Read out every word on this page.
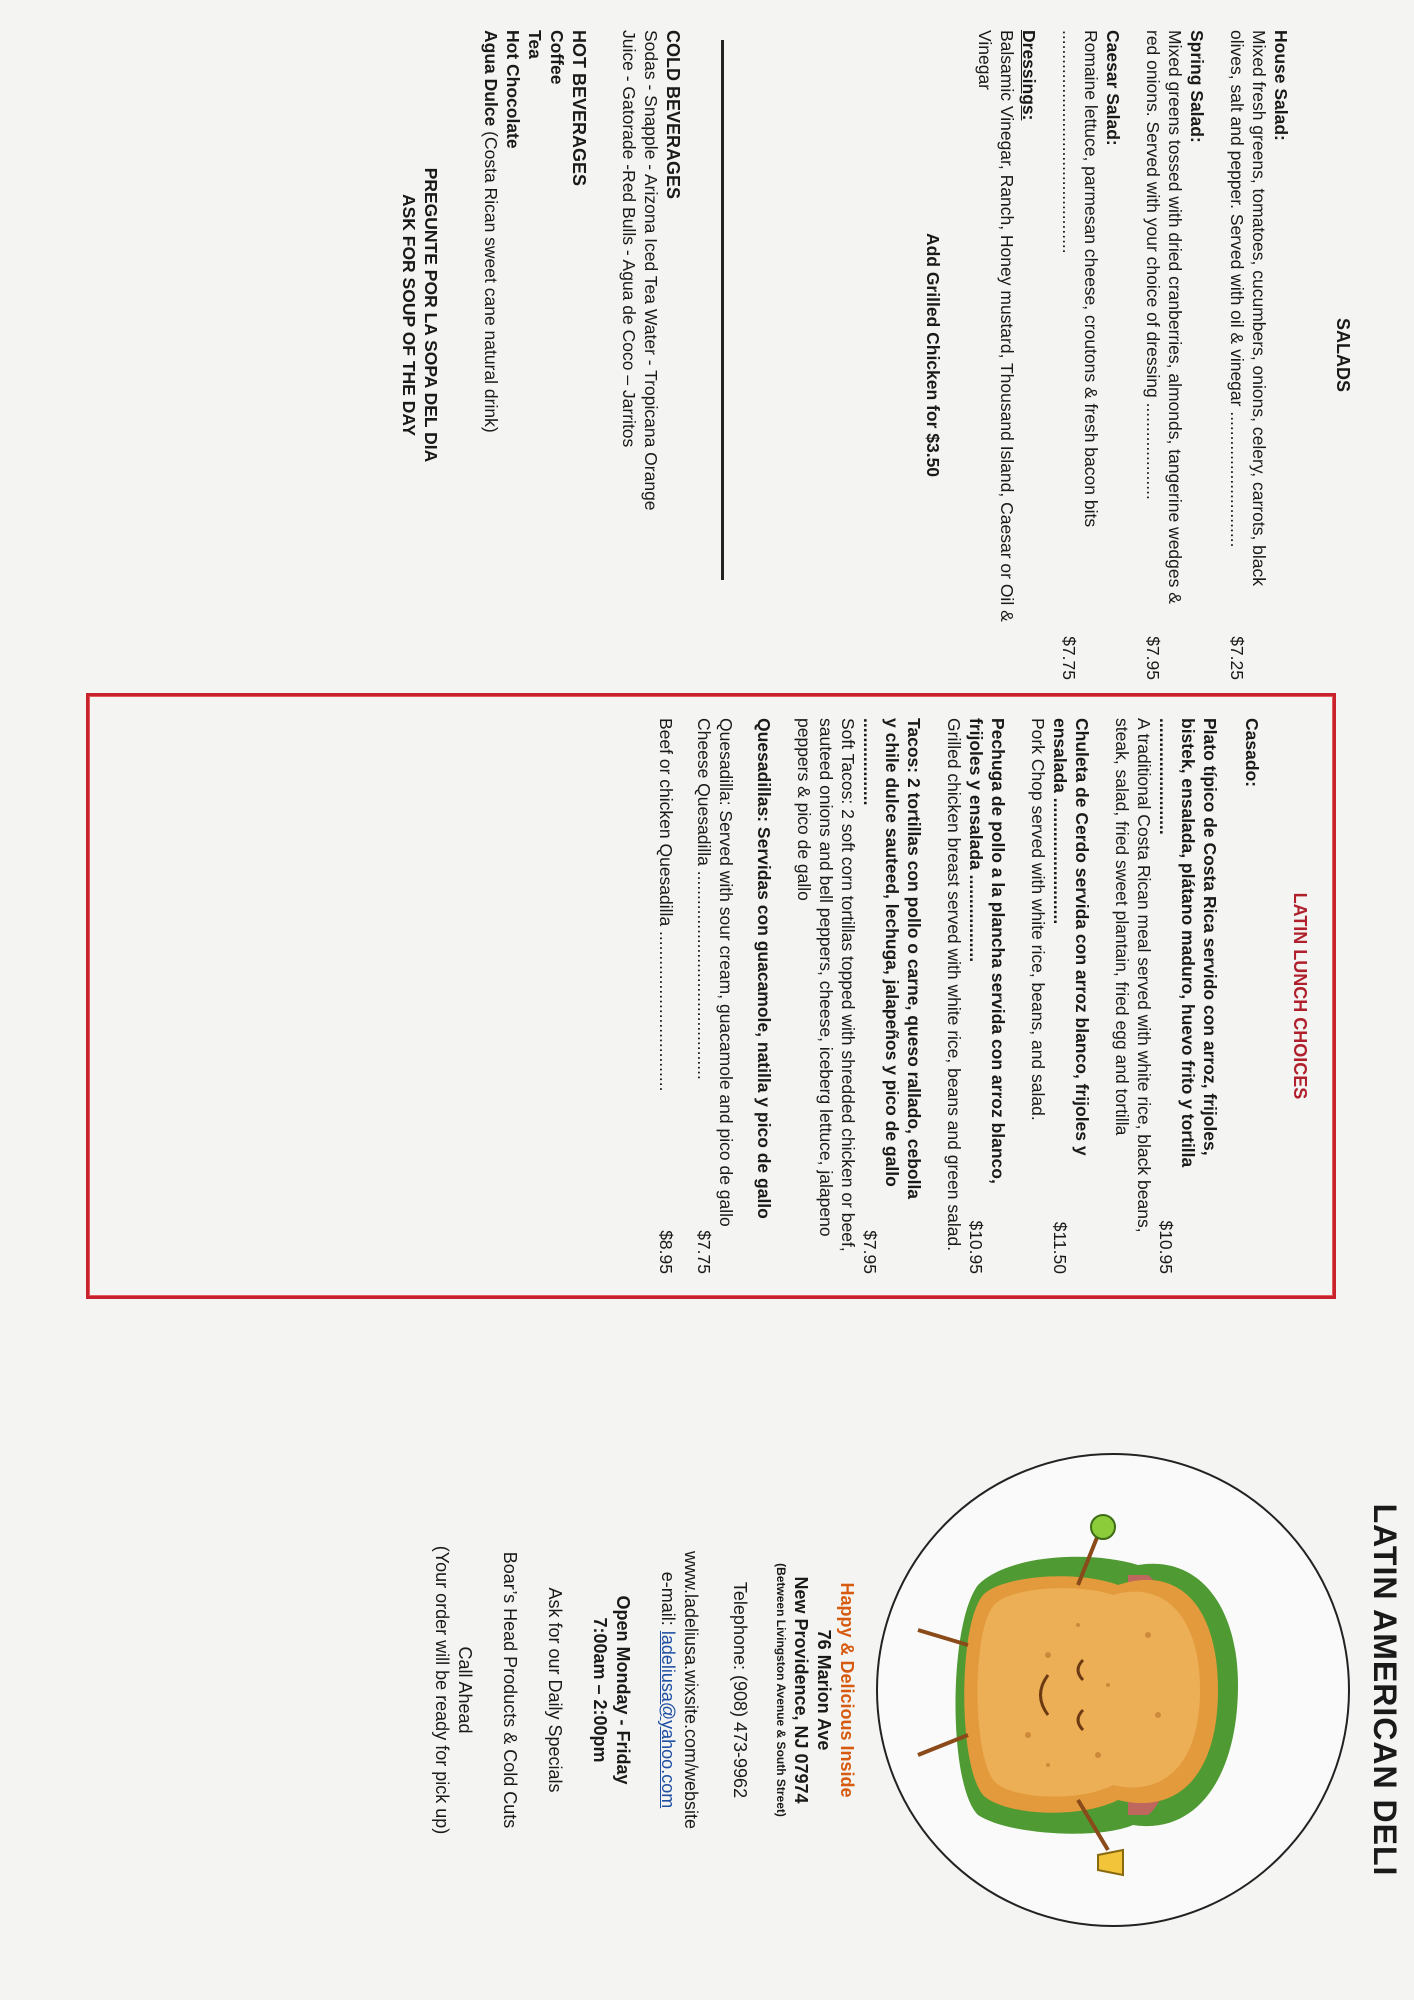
SALADS
House Salad:
Mixed fresh greens, tomatoes, cucumbers, onions, celery, carrots, black olives, salt and pepper. Served with oil & vinegar ............................
$7.25
Spring Salad:
Mixed greens tossed with dried cranberries, almonds, tangerine wedges & red onions. Served with your choice of dressing ....................
$7.95
Caesar Salad:
Romaine lettuce, parmesan cheese, croutons & fresh bacon bits ..............................................
$7.75
Dressings:
Balsamic Vinegar, Ranch, Honey mustard, Thousand Island, Caesar or Oil & Vinegar
Add Grilled Chicken for $3.50
COLD BEVERAGES
Sodas - Snapple - Arizona Iced Tea Water - Tropicana Orange
Juice - Gatorade -Red Bulls - Agua de Coco – Jarritos
HOT BEVERAGES
Coffee
Tea
Hot Chocolate
Agua Dulce (Costa Rican sweet cane natural drink)
PREGUNTE POR LA SOPA DEL DIA
ASK FOR SOUP OF THE DAY
LATIN LUNCH CHOICES
Casado:
Plato típico de Costa Rica servido con arroz, frijoles, bistek, ensalada, plátano maduro, huevo frito y tortilla ........................
$10.95
A traditional Costa Rican meal served with white rice, black beans, steak, salad, fried sweet plantain, fried egg and tortilla
Chuleta de Cerdo servida con arroz blanco, frijoles y ensalada ..........................
$11.50
Pork Chop served with white rice, beans, and salad.
Pechuga de pollo a la plancha servida con arroz blanco, frijoles y ensalada ..................
$10.95
Grilled chicken breast served with white rice, beans and green salad.
Tacos: 2 tortillas con pollo o carne, queso rallado, cebolla y chile dulce sauteed, lechuga, jalapeños y pico de gallo ..................
$7.95
Soft Tacos: 2 soft corn tortillas topped with shredded chicken or beef, sauteed onions and bell peppers, cheese, iceberg lettuce, jalapeno peppers & pico de gallo
Quesadillas: Servidas con guacamole, natilla y pico de gallo
Quesadilla: Served with sour cream, guacamole and pico de gallo
Cheese Quesadilla ...........................................
$7.75
Beef or chicken Quesadilla .................................
$8.95
LATIN AMERICAN DELI
Happy & Delicious Inside
76 Marion Ave
New Providence, NJ 07974
(Between Livingston Avenue & South Street)
Telephone: (908) 473-9962
www.ladeliusa.wixsite.com/website
e-mail: ladeliusa@yahoo.com
Open Monday - Friday
7:00am – 2:00pm
Ask for our Daily Specials
Boar’s Head Products & Cold Cuts
Call Ahead
(Your order will be ready for pick up)
